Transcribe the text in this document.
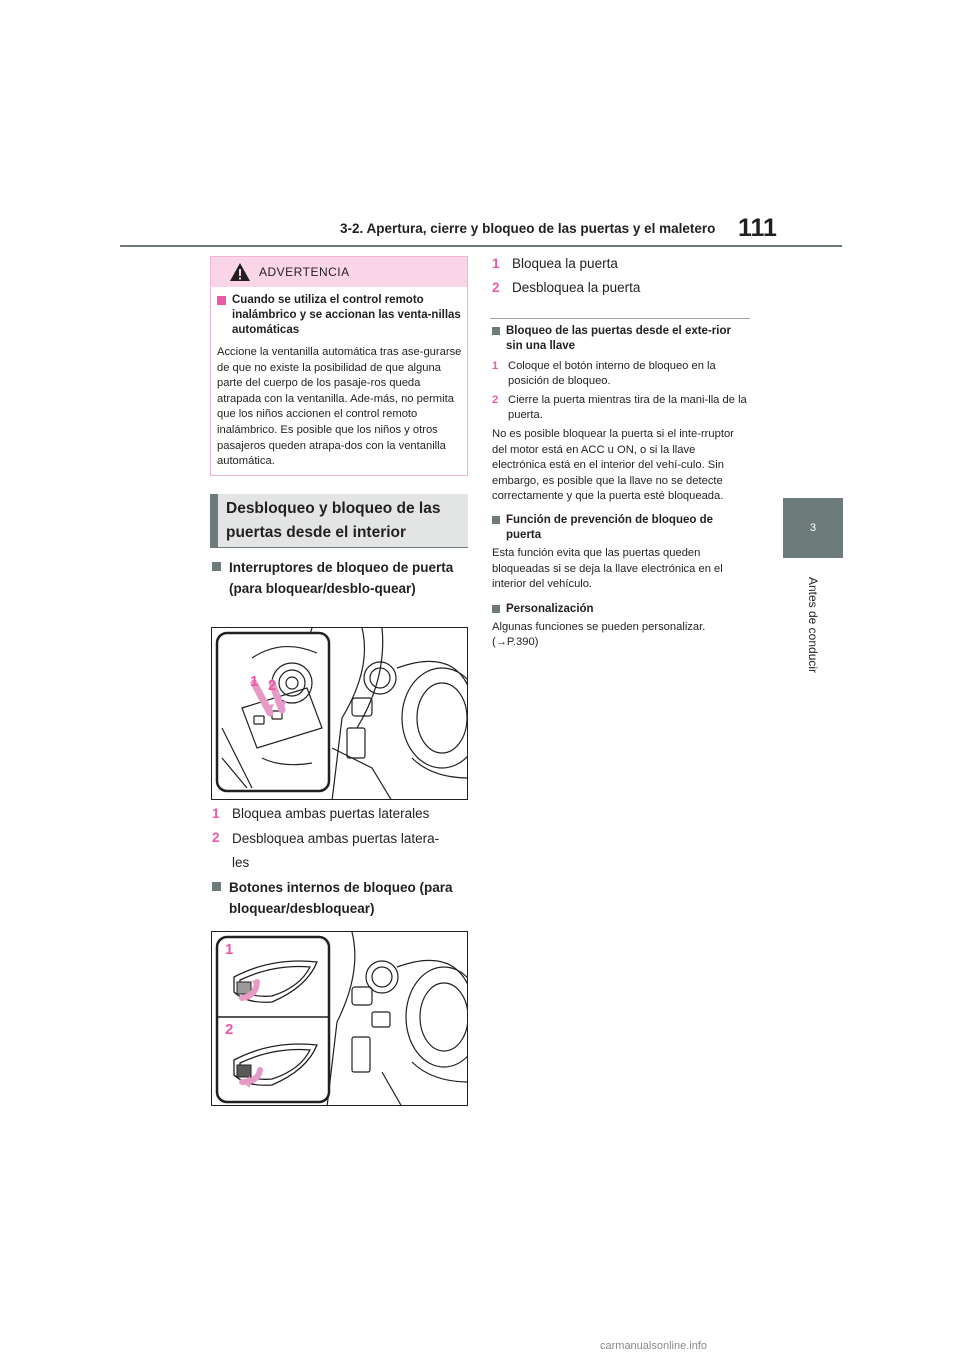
3-2. Apertura, cierre y bloqueo de las puertas y el maletero 111
3
Antes de conducir
ADVERTENCIA
Cuando se utiliza el control remoto inalámbrico y se accionan las venta-nillas automáticas
Accione la ventanilla automática tras ase-gurarse de que no existe la posibilidad de que alguna parte del cuerpo de los pasaje-ros queda atrapada con la ventanilla. Ade-más, no permita que los niños accionen el control remoto inalámbrico. Es posible que los niños y otros pasajeros queden atrapa-dos con la ventanilla automática.
Desbloqueo y bloqueo de las
puertas desde el interior
Interruptores de bloqueo de puerta (para bloquear/desblo-quear)
1 2
1 Bloquea ambas puertas laterales
2 Desbloquea ambas puertas latera-les
Botones internos de bloqueo (para bloquear/desbloquear)
1
2
1 Bloquea la puerta
2 Desbloquea la puerta
Bloqueo de las puertas desde el exte-rior sin una llave
1 Coloque el botón interno de bloqueo en la posición de bloqueo.
2 Cierre la puerta mientras tira de la mani-lla de la puerta.
No es posible bloquear la puerta si el inte-rruptor del motor está en ACC u ON, o si la llave electrónica está en el interior del vehí-culo. Sin embargo, es posible que la llave no se detecte correctamente y que la puerta esté bloqueada.
Función de prevención de bloqueo de puerta
Esta función evita que las puertas queden bloqueadas si se deja la llave electrónica en el interior del vehículo.
Personalización
Algunas funciones se pueden personalizar.
(→P.390)
carmanualsonline.info
